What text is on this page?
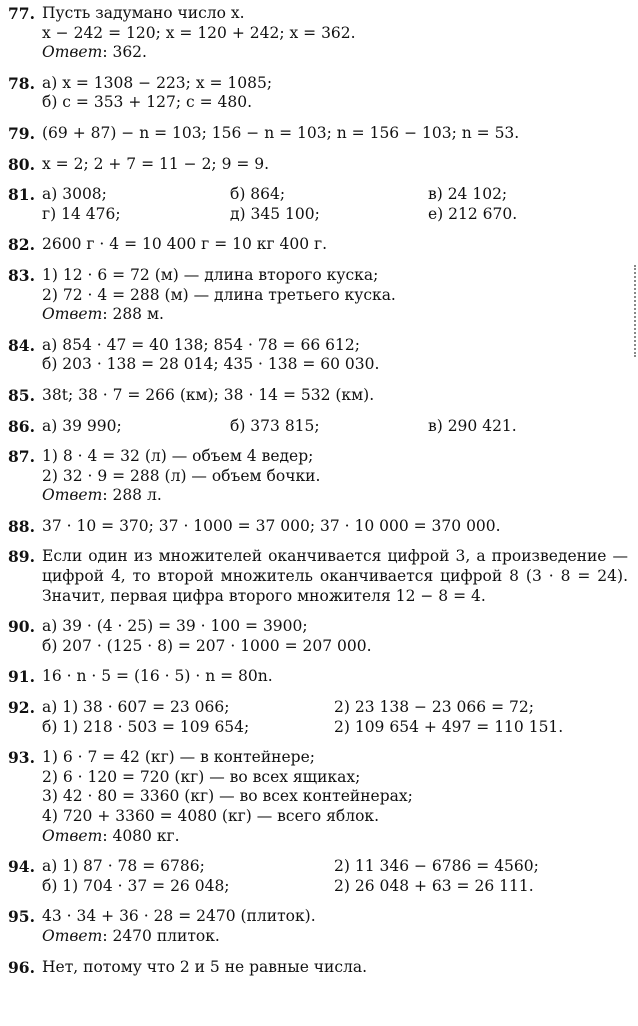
77. Пусть задумано число x.
x − 242 = 120; x = 120 + 242; x = 362.
Ответ: 362.
78. а) x = 1308 − 223; x = 1085;
б) c = 353 + 127; c = 480.
79. (69 + 87) − n = 103; 156 − n = 103; n = 156 − 103; n = 53.
80. x = 2; 2 + 7 = 11 − 2; 9 = 9.
81. а) 3008;	б) 864;	в) 24 102;
г) 14 476;	д) 345 100;	е) 212 670.
82. 2600 г · 4 = 10 400 г = 10 кг 400 г.
83. 1) 12 · 6 = 72 (м) — длина второго куска;
2) 72 · 4 = 288 (м) — длина третьего куска.
Ответ: 288 м.
84. а) 854 · 47 = 40 138; 854 · 78 = 66 612;
б) 203 · 138 = 28 014; 435 · 138 = 60 030.
85. 38t; 38 · 7 = 266 (км); 38 · 14 = 532 (км).
86. а) 39 990;	б) 373 815;	в) 290 421.
87. 1) 8 · 4 = 32 (л) — объем 4 ведер;
2) 32 · 9 = 288 (л) — объем бочки.
Ответ: 288 л.
88. 37 · 10 = 370; 37 · 1000 = 37 000; 37 · 10 000 = 370 000.
89. Если один из множителей оканчивается цифрой 3, а произведение — цифрой 4, то второй множитель оканчивается цифрой 8 (3 · 8 = 24). Значит, первая цифра второго множителя 12 − 8 = 4.
90. а) 39 · (4 · 25) = 39 · 100 = 3900;
б) 207 · (125 · 8) = 207 · 1000 = 207 000.
91. 16 · n · 5 = (16 · 5) · n = 80n.
92. а) 1) 38 · 607 = 23 066;	2) 23 138 − 23 066 = 72;
б) 1) 218 · 503 = 109 654;	2) 109 654 + 497 = 110 151.
93. 1) 6 · 7 = 42 (кг) — в контейнере;
2) 6 · 120 = 720 (кг) — во всех ящиках;
3) 42 · 80 = 3360 (кг) — во всех контейнерах;
4) 720 + 3360 = 4080 (кг) — всего яблок.
Ответ: 4080 кг.
94. а) 1) 87 · 78 = 6786;	2) 11 346 − 6786 = 4560;
б) 1) 704 · 37 = 26 048;	2) 26 048 + 63 = 26 111.
95. 43 · 34 + 36 · 28 = 2470 (плиток).
Ответ: 2470 плиток.
96. Нет, потому что 2 и 5 не равные числа.
